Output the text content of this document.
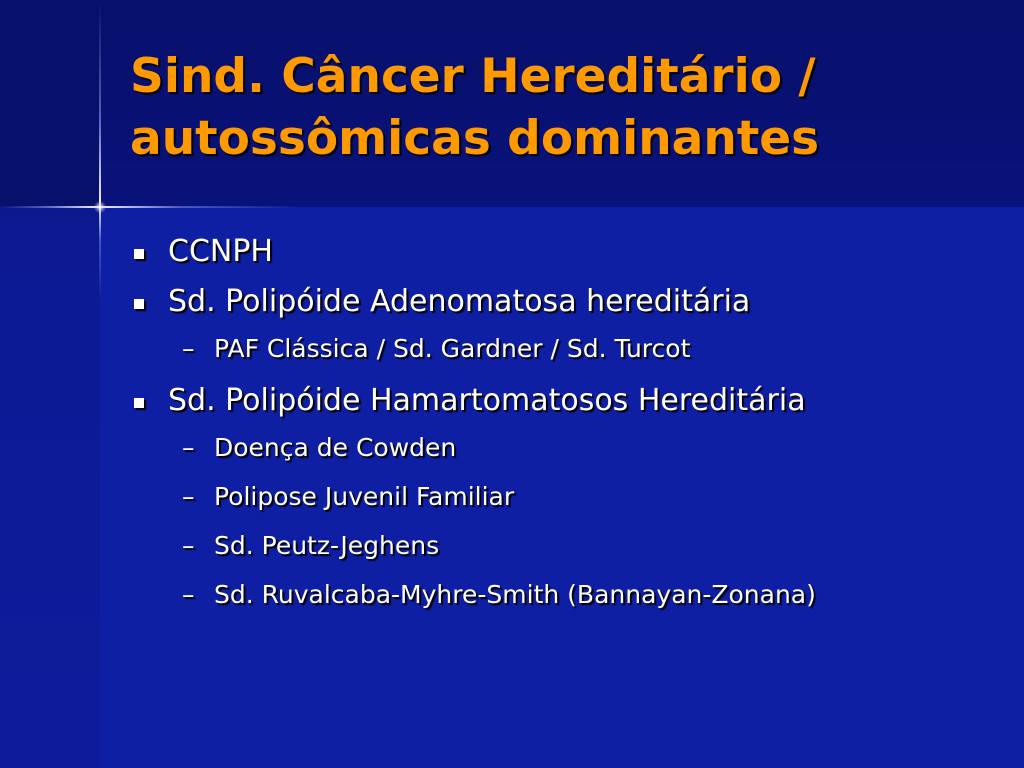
Sind. Câncer Hereditário /
autossômicas dominantes
CCNPH
Sd. Polipóide Adenomatosa hereditária
– PAF Clássica / Sd. Gardner / Sd. Turcot
Sd. Polipóide Hamartomatosos Hereditária
– Doença de Cowden
– Polipose Juvenil Familiar
– Sd. Peutz-Jeghens
– Sd. Ruvalcaba-Myhre-Smith (Bannayan-Zonana)
